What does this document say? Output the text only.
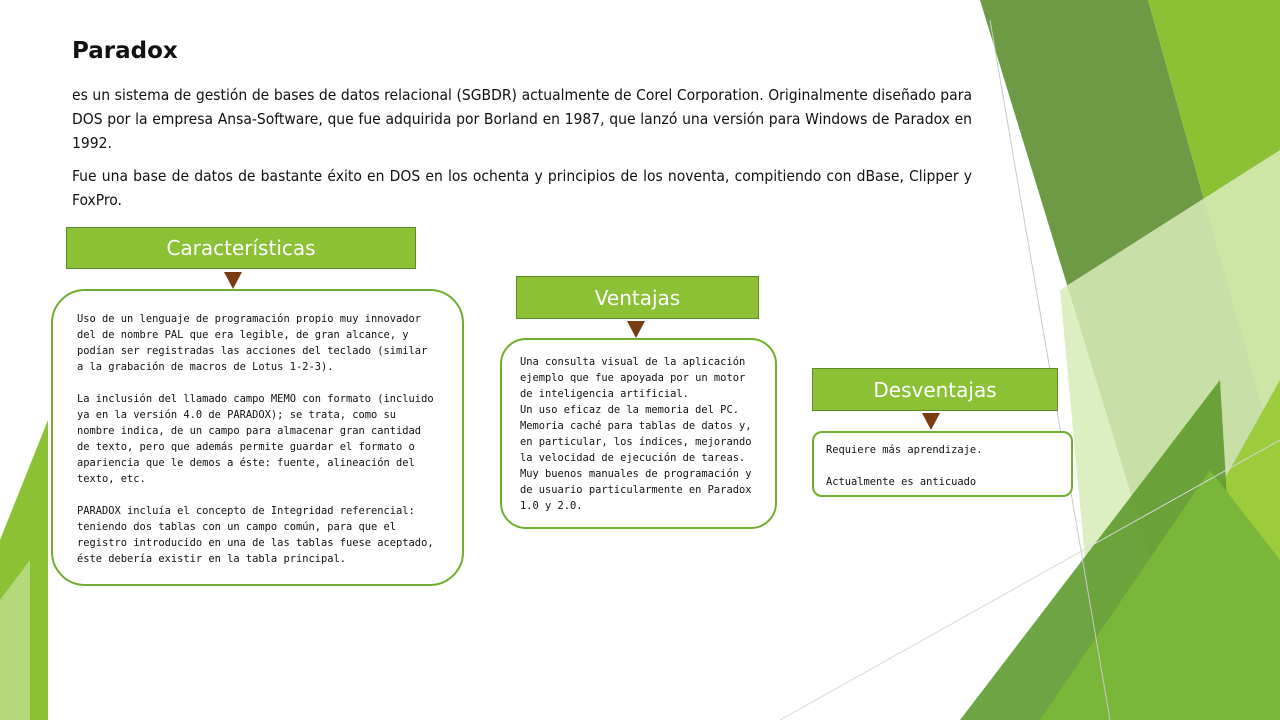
Paradox
es un sistema de gestión de bases de datos relacional (SGBDR) actualmente de Corel Corporation. Originalmente diseñado para DOS por la empresa Ansa-Software, que fue adquirida por Borland en 1987, que lanzó una versión para Windows de Paradox en 1992.
Fue una base de datos de bastante éxito en DOS en los ochenta y principios de los noventa, compitiendo con dBase, Clipper y FoxPro.
Características

Uso de un lenguaje de programación propio muy innovador del de nombre PAL que era legible, de gran alcance, y podían ser registradas las acciones del teclado (similar a la grabación de macros de Lotus 1-2-3).

La inclusión del llamado campo MEMO con formato (incluido ya en la versión 4.0 de PARADOX); se trata, como su nombre indica, de un campo para almacenar gran cantidad de texto, pero que además permite guardar el formato o apariencia que le demos a éste: fuente, alineación del texto, etc.

PARADOX incluía el concepto de Integridad referencial: teniendo dos tablas con un campo común, para que el registro introducido en una de las tablas fuese aceptado, éste debería existir en la tabla principal.

Ventajas

Una consulta visual de la aplicación ejemplo que fue apoyada por un motor de inteligencia artificial.

Un uso eficaz de la memoria del PC.

Memoria caché para tablas de datos y, en particular, los índices, mejorando la velocidad de ejecución de tareas.

Muy buenos manuales de programación y de usuario particularmente en Paradox 1.0 y 2.0.

Desventajas

Requiere más aprendizaje.

Actualmente es anticuado
